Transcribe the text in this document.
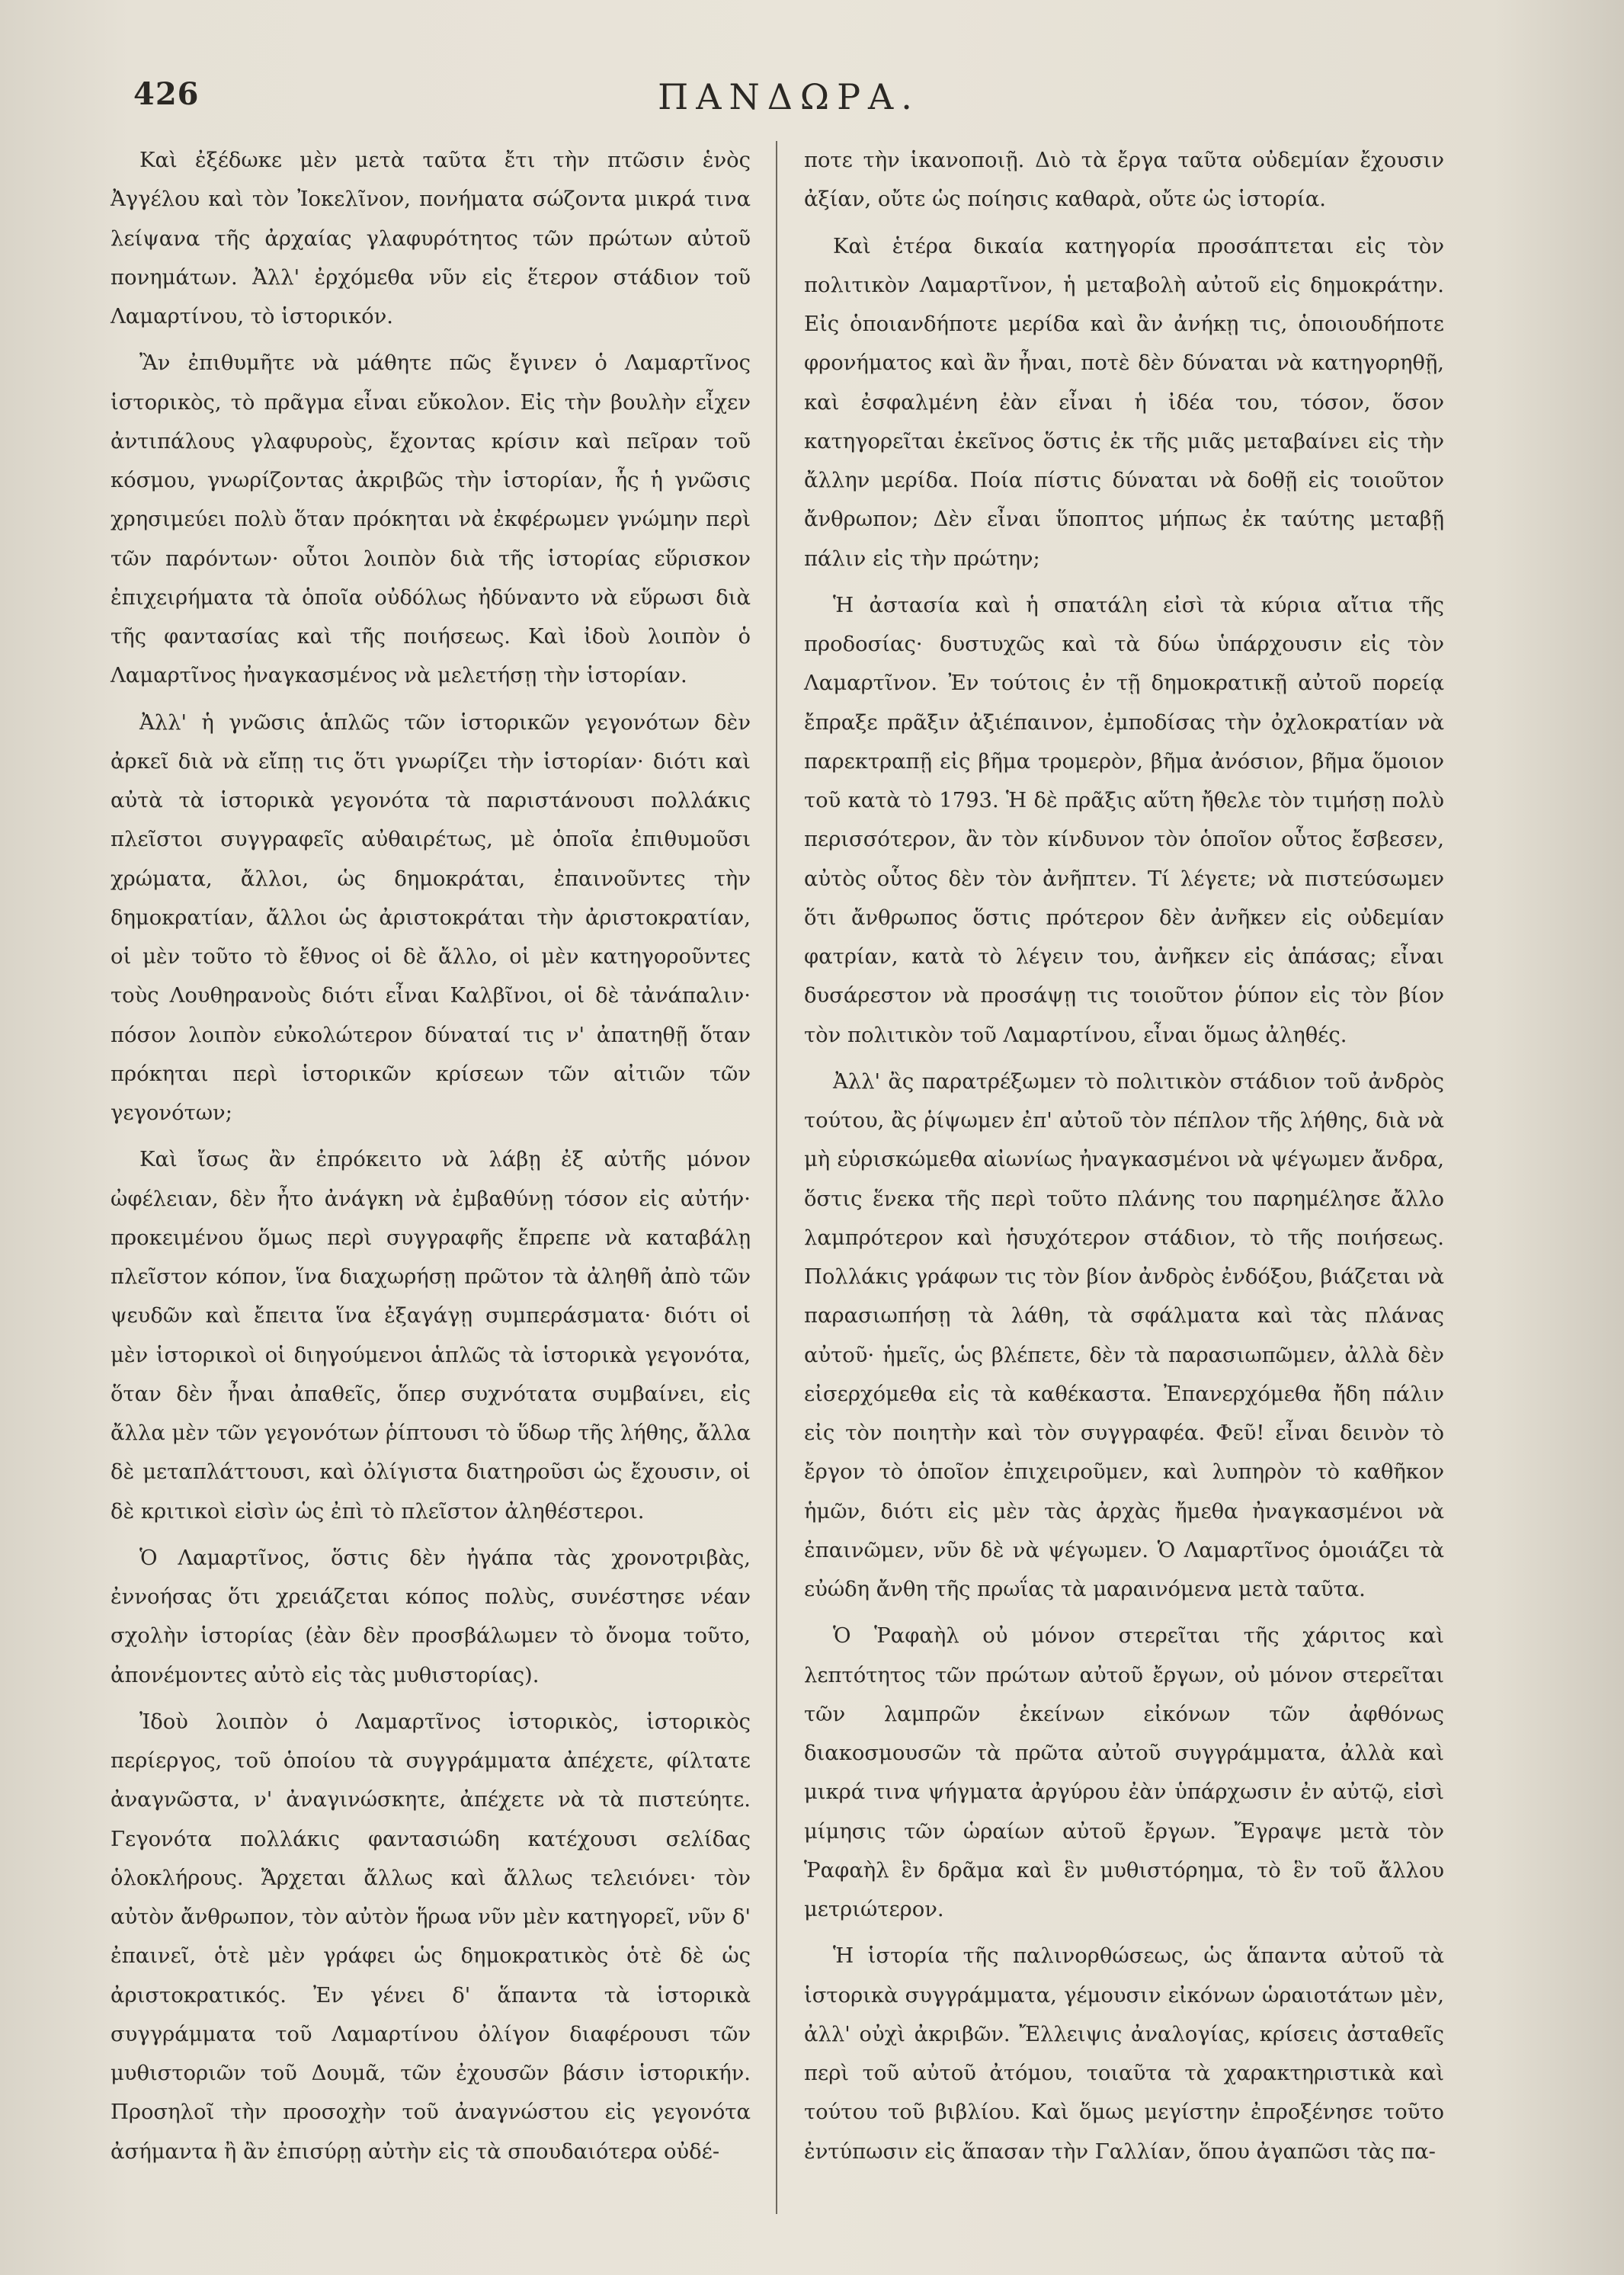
426	ΠΑΝΔΩΡΑ.

Καὶ ἐξέδωκε μὲν μετὰ ταῦτα ἔτι τὴν πτῶσιν ἑνὸς Ἀγγέλου καὶ τὸν Ἰοκελῖνον, πονήματα σώζοντα μικρά τινα λείψανα τῆς ἀρχαίας γλαφυρότητος τῶν πρώτων αὐτοῦ πονημάτων. Ἀλλ' ἐρχόμεθα νῦν εἰς ἕτερον στάδιον τοῦ Λαμαρτίνου, τὸ ἱστορικόν.

Ἂν ἐπιθυμῆτε νὰ μάθητε πῶς ἔγινεν ὁ Λαμαρτῖνος ἱστορικὸς, τὸ πρᾶγμα εἶναι εὔκολον. Εἰς τὴν βουλὴν εἶχεν ἀντιπάλους γλαφυροὺς, ἔχοντας κρίσιν καὶ πεῖραν τοῦ κόσμου, γνωρίζοντας ἀκριβῶς τὴν ἱστορίαν, ἧς ἡ γνῶσις χρησιμεύει πολὺ ὅταν πρόκηται νὰ ἐκφέρωμεν γνώμην περὶ τῶν παρόντων· οὗτοι λοιπὸν διὰ τῆς ἱστορίας εὕρισκον ἐπιχειρήματα τὰ ὁποῖα οὐδόλως ἠδύναντο νὰ εὕρωσι διὰ τῆς φαντασίας καὶ τῆς ποιήσεως. Καὶ ἰδοὺ λοιπὸν ὁ Λαμαρτῖνος ἠναγκασμένος νὰ μελετήσῃ τὴν ἱστορίαν.

Ἀλλ' ἡ γνῶσις ἁπλῶς τῶν ἱστορικῶν γεγονότων δὲν ἀρκεῖ διὰ νὰ εἴπῃ τις ὅτι γνωρίζει τὴν ἱστορίαν· διότι καὶ αὐτὰ τὰ ἱστορικὰ γεγονότα τὰ παριστάνουσι πολλάκις πλεῖστοι συγγραφεῖς αὐθαιρέτως, μὲ ὁποῖα ἐπιθυμοῦσι χρώματα, ἄλλοι, ὡς δημοκράται, ἐπαινοῦντες τὴν δημοκρατίαν, ἄλλοι ὡς ἀριστοκράται τὴν ἀριστοκρατίαν, οἱ μὲν τοῦτο τὸ ἔθνος οἱ δὲ ἄλλο, οἱ μὲν κατηγοροῦντες τοὺς Λουθηρανοὺς διότι εἶναι Καλβῖνοι, οἱ δὲ τἀνάπαλιν· πόσον λοιπὸν εὐκολώτερον δύναταί τις ν' ἀπατηθῇ ὅταν πρόκηται περὶ ἱστορικῶν κρίσεων τῶν αἰτιῶν τῶν γεγονότων;

Καὶ ἴσως ἂν ἐπρόκειτο νὰ λάβῃ ἐξ αὐτῆς μόνον ὠφέλειαν, δὲν ἦτο ἀνάγκη νὰ ἐμβαθύνῃ τόσον εἰς αὐτήν· προκειμένου ὅμως περὶ συγγραφῆς ἔπρεπε νὰ καταβάλῃ πλεῖστον κόπον, ἵνα διαχωρήσῃ πρῶτον τὰ ἀληθῆ ἀπὸ τῶν ψευδῶν καὶ ἔπειτα ἵνα ἐξαγάγῃ συμπεράσματα· διότι οἱ μὲν ἱστορικοὶ οἱ διηγούμενοι ἁπλῶς τὰ ἱστορικὰ γεγονότα, ὅταν δὲν ἦναι ἀπαθεῖς, ὅπερ συχνότατα συμβαίνει, εἰς ἄλλα μὲν τῶν γεγονότων ῥίπτουσι τὸ ὕδωρ τῆς λήθης, ἄλλα δὲ μεταπλάττουσι, καὶ ὀλίγιστα διατηροῦσι ὡς ἔχουσιν, οἱ δὲ κριτικοὶ εἰσὶν ὡς ἐπὶ τὸ πλεῖστον ἀληθέστεροι.

Ὁ Λαμαρτῖνος, ὅστις δὲν ἠγάπα τὰς χρονοτριβὰς, ἐννοήσας ὅτι χρειάζεται κόπος πολὺς, συνέστησε νέαν σχολὴν ἱστορίας (ἐὰν δὲν προσβάλωμεν τὸ ὄνομα τοῦτο, ἀπονέμοντες αὐτὸ εἰς τὰς μυθιστορίας).

Ἰδοὺ λοιπὸν ὁ Λαμαρτῖνος ἱστορικὸς, ἱστορικὸς περίεργος, τοῦ ὁποίου τὰ συγγράμματα ἀπέχετε, φίλτατε ἀναγνῶστα, ν' ἀναγινώσκητε, ἀπέχετε νὰ τὰ πιστεύητε. Γεγονότα πολλάκις φαντασιώδη κατέχουσι σελίδας ὁλοκλήρους. Ἄρχεται ἄλλως καὶ ἄλλως τελειόνει· τὸν αὐτὸν ἄνθρωπον, τὸν αὐτὸν ἥρωα νῦν μὲν κατηγορεῖ, νῦν δ' ἐπαινεῖ, ὁτὲ μὲν γράφει ὡς δημοκρατικὸς ὁτὲ δὲ ὡς ἀριστοκρατικός. Ἐν γένει δ' ἅπαντα τὰ ἱστορικὰ συγγράμματα τοῦ Λαμαρτίνου ὀλίγον διαφέρουσι τῶν μυθιστοριῶν τοῦ Δουμᾶ, τῶν ἐχουσῶν βάσιν ἱστορικήν. Προσηλοῖ τὴν προσοχὴν τοῦ ἀναγνώστου εἰς γεγονότα ἀσήμαντα ἢ ἂν ἐπισύρῃ αὐτὴν εἰς τὰ σπουδαιότερα οὐδέ-

ποτε τὴν ἱκανοποιῇ. Διὸ τὰ ἔργα ταῦτα οὐδεμίαν ἔχουσιν ἀξίαν, οὔτε ὡς ποίησις καθαρὰ, οὔτε ὡς ἱστορία.

Καὶ ἑτέρα δικαία κατηγορία προσάπτεται εἰς τὸν πολιτικὸν Λαμαρτῖνον, ἡ μεταβολὴ αὐτοῦ εἰς δημοκράτην. Εἰς ὁποιανδήποτε μερίδα καὶ ἂν ἀνήκῃ τις, ὁποιουδήποτε φρονήματος καὶ ἂν ἦναι, ποτὲ δὲν δύναται νὰ κατηγορηθῇ, καὶ ἐσφαλμένη ἐὰν εἶναι ἡ ἰδέα του, τόσον, ὅσον κατηγορεῖται ἐκεῖνος ὅστις ἐκ τῆς μιᾶς μεταβαίνει εἰς τὴν ἄλλην μερίδα. Ποία πίστις δύναται νὰ δοθῇ εἰς τοιοῦτον ἄνθρωπον; Δὲν εἶναι ὕποπτος μήπως ἐκ ταύτης μεταβῇ πάλιν εἰς τὴν πρώτην;

Ἡ ἀστασία καὶ ἡ σπατάλη εἰσὶ τὰ κύρια αἴτια τῆς προδοσίας· δυστυχῶς καὶ τὰ δύω ὑπάρχουσιν εἰς τὸν Λαμαρτῖνον. Ἐν τούτοις ἐν τῇ δημοκρατικῇ αὐτοῦ πορείᾳ ἔπραξε πρᾶξιν ἀξιέπαινον, ἐμποδίσας τὴν ὀχλοκρατίαν νὰ παρεκτραπῇ εἰς βῆμα τρομερὸν, βῆμα ἀνόσιον, βῆμα ὅμοιον τοῦ κατὰ τὸ 1793. Ἡ δὲ πρᾶξις αὕτη ἤθελε τὸν τιμήσῃ πολὺ περισσότερον, ἂν τὸν κίνδυνον τὸν ὁποῖον οὗτος ἔσβεσεν, αὐτὸς οὗτος δὲν τὸν ἀνῆπτεν. Τί λέγετε; νὰ πιστεύσωμεν ὅτι ἄνθρωπος ὅστις πρότερον δὲν ἀνῆκεν εἰς οὐδεμίαν φατρίαν, κατὰ τὸ λέγειν του, ἀνῆκεν εἰς ἁπάσας; εἶναι δυσάρεστον νὰ προσάψῃ τις τοιοῦτον ῥύπον εἰς τὸν βίον τὸν πολιτικὸν τοῦ Λαμαρτίνου, εἶναι ὅμως ἀληθές.

Ἀλλ' ἂς παρατρέξωμεν τὸ πολιτικὸν στάδιον τοῦ ἀνδρὸς τούτου, ἂς ῥίψωμεν ἐπ' αὐτοῦ τὸν πέπλον τῆς λήθης, διὰ νὰ μὴ εὑρισκώμεθα αἰωνίως ἠναγκασμένοι νὰ ψέγωμεν ἄνδρα, ὅστις ἕνεκα τῆς περὶ τοῦτο πλάνης του παρημέλησε ἄλλο λαμπρότερον καὶ ἡσυχότερον στάδιον, τὸ τῆς ποιήσεως. Πολλάκις γράφων τις τὸν βίον ἀνδρὸς ἐνδόξου, βιάζεται νὰ παρασιωπήσῃ τὰ λάθη, τὰ σφάλματα καὶ τὰς πλάνας αὐτοῦ· ἡμεῖς, ὡς βλέπετε, δὲν τὰ παρασιωπῶμεν, ἀλλὰ δὲν εἰσερχόμεθα εἰς τὰ καθέκαστα. Ἐπανερχόμεθα ἤδη πάλιν εἰς τὸν ποιητὴν καὶ τὸν συγγραφέα. Φεῦ! εἶναι δεινὸν τὸ ἔργον τὸ ὁποῖον ἐπιχειροῦμεν, καὶ λυπηρὸν τὸ καθῆκον ἡμῶν, διότι εἰς μὲν τὰς ἀρχὰς ἤμεθα ἠναγκασμένοι νὰ ἐπαινῶμεν, νῦν δὲ νὰ ψέγωμεν. Ὁ Λαμαρτῖνος ὁμοιάζει τὰ εὐώδη ἄνθη τῆς πρωΐας τὰ μαραινόμενα μετὰ ταῦτα.

Ὁ Ῥαφαὴλ οὐ μόνον στερεῖται τῆς χάριτος καὶ λεπτότητος τῶν πρώτων αὐτοῦ ἔργων, οὐ μόνον στερεῖται τῶν λαμπρῶν ἐκείνων εἰκόνων τῶν ἀφθόνως διακοσμουσῶν τὰ πρῶτα αὐτοῦ συγγράμματα, ἀλλὰ καὶ μικρά τινα ψήγματα ἀργύρου ἐὰν ὑπάρχωσιν ἐν αὐτῷ, εἰσὶ μίμησις τῶν ὡραίων αὐτοῦ ἔργων. Ἔγραψε μετὰ τὸν Ῥαφαὴλ ἓν δρᾶμα καὶ ἓν μυθιστόρημα, τὸ ἓν τοῦ ἄλλου μετριώτερον.

Ἡ ἱστορία τῆς παλινορθώσεως, ὡς ἅπαντα αὐτοῦ τὰ ἱστορικὰ συγγράμματα, γέμουσιν εἰκόνων ὡραιοτάτων μὲν, ἀλλ' οὐχὶ ἀκριβῶν. Ἔλλειψις ἀναλογίας, κρίσεις ἀσταθεῖς περὶ τοῦ αὐτοῦ ἀτόμου, τοιαῦτα τὰ χαρακτηριστικὰ καὶ τούτου τοῦ βιβλίου. Καὶ ὅμως μεγίστην ἐπροξένησε τοῦτο ἐντύπωσιν εἰς ἅπασαν τὴν Γαλλίαν, ὅπου ἀγαπῶσι τὰς πα-
